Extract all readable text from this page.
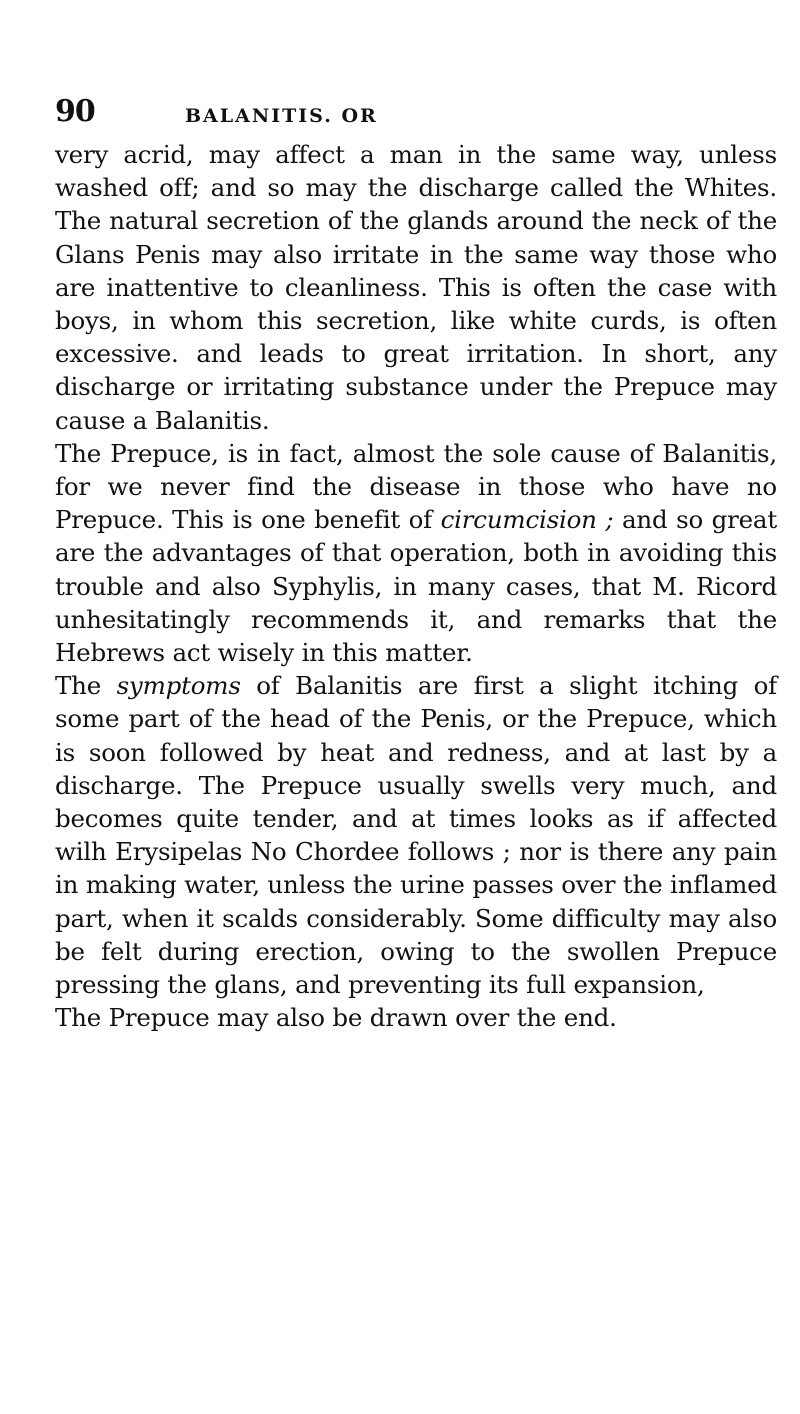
90	BALANITIS. OR

very acrid, may affect a man in the same way, unless washed off; and so may the discharge called the Whites. The natural secretion of the glands around the neck of the Glans Penis may also irritate in the same way those who are inattentive to cleanliness. This is often the case with boys, in whom this secretion, like white curds, is often excessive. and leads to great irritation. In short, any discharge or irritating substance under the Prepuce may cause a Balanitis.

The Prepuce, is in fact, almost the sole cause of Balanitis, for we never find the disease in those who have no Prepuce. This is one benefit of circumcision ; and so great are the advantages of that operation, both in avoiding this trouble and also Syphylis, in many cases, that M. Ricord unhesitatingly recommends it, and remarks that the Hebrews act wisely in this matter.

The symptoms of Balanitis are first a slight itching of some part of the head of the Penis, or the Prepuce, which is soon followed by heat and redness, and at last by a discharge. The Prepuce usually swells very much, and becomes quite tender, and at times looks as if affected wilh Erysipelas No Chordee follows ; nor is there any pain in making water, unless the urine passes over the inflamed part, when it scalds considerably. Some difficulty may also be felt during erection, owing to the swollen Prepuce pressing the glans, and preventing its full expansion,

The Prepuce may also be drawn over the end.
